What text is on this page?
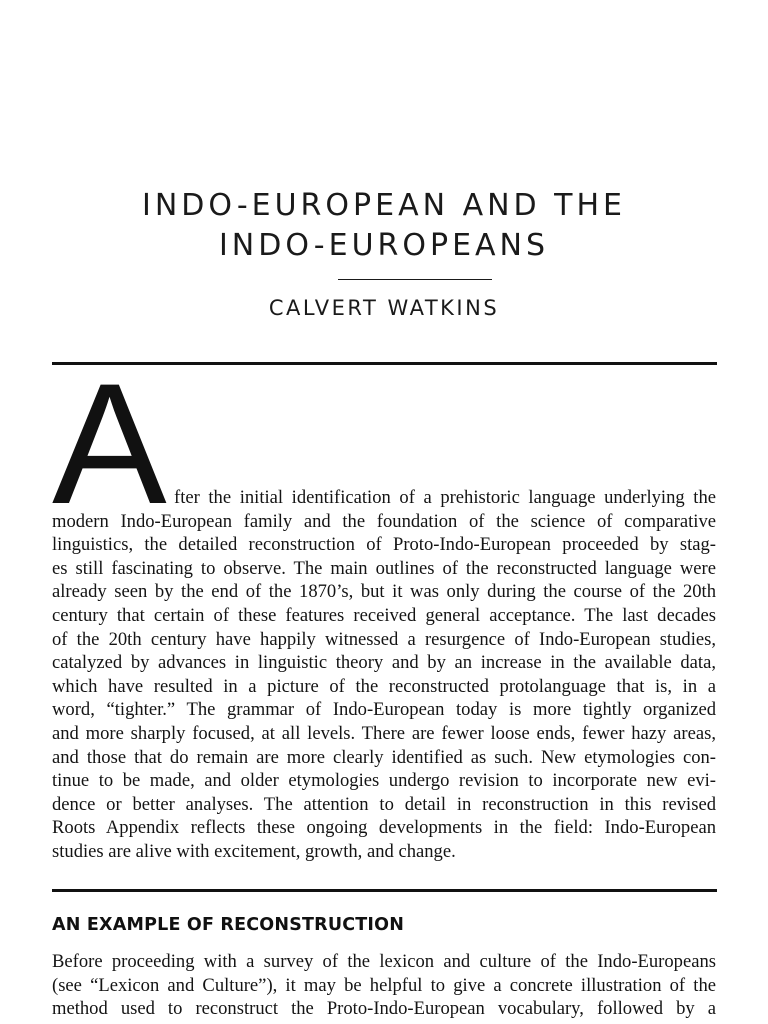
INDO-EUROPEAN AND THE
INDO-EUROPEANS
CALVERT WATKINS
A fter the initial identification of a prehistoric language underlying the
modern Indo-European family and the foundation of the science of comparative
linguistics, the detailed reconstruction of Proto-Indo-European proceeded by stag-
es still fascinating to observe. The main outlines of the reconstructed language were
already seen by the end of the 1870’s, but it was only during the course of the 20th
century that certain of these features received general acceptance. The last decades
of the 20th century have happily witnessed a resurgence of Indo-European studies,
catalyzed by advances in linguistic theory and by an increase in the available data,
which have resulted in a picture of the reconstructed protolanguage that is, in a
word, “tighter.” The grammar of Indo-European today is more tightly organized
and more sharply focused, at all levels. There are fewer loose ends, fewer hazy areas,
and those that do remain are more clearly identified as such. New etymologies con-
tinue to be made, and older etymologies undergo revision to incorporate new evi-
dence or better analyses. The attention to detail in reconstruction in this revised
Roots Appendix reflects these ongoing developments in the field: Indo-European
studies are alive with excitement, growth, and change.
AN EXAMPLE OF RECONSTRUCTION
Before proceeding with a survey of the lexicon and culture of the Indo-Europeans
(see “Lexicon and Culture”), it may be helpful to give a concrete illustration of the
method used to reconstruct the Proto-Indo-European vocabulary, followed by a
